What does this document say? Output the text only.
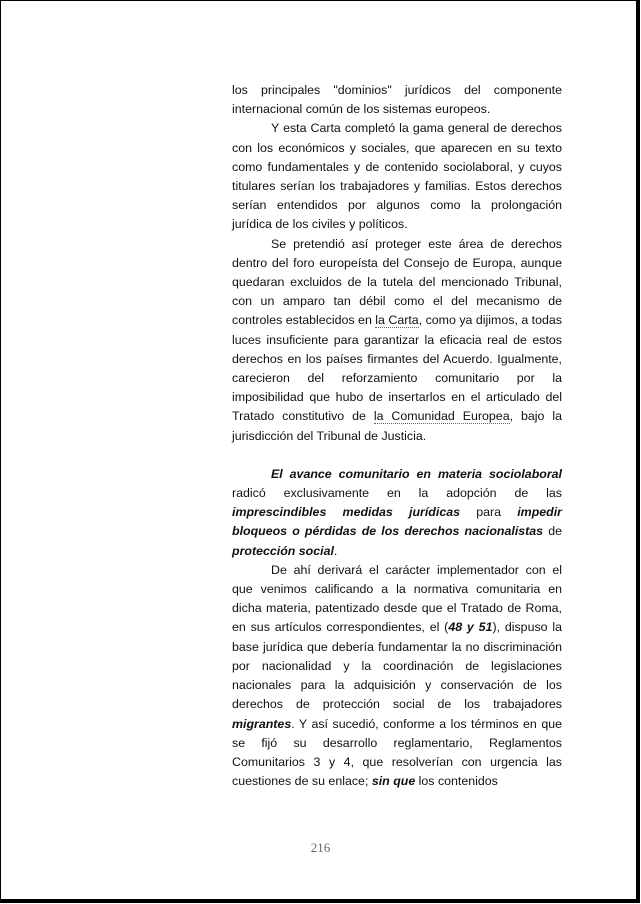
los principales "dominios" jurídicos del componente internacional común de los sistemas europeos.

Y esta Carta completó la gama general de derechos con los económicos y sociales, que aparecen en su texto como fundamentales y de contenido sociolaboral, y cuyos titulares serían los trabajadores y familias. Estos derechos serían entendidos por algunos como la prolongación jurídica de los civiles y políticos.

Se pretendió así proteger este área de derechos dentro del foro europeísta del Consejo de Europa, aunque quedaran excluidos de la tutela del mencionado Tribunal, con un amparo tan débil como el del mecanismo de controles establecidos en la Carta, como ya dijimos, a todas luces insuficiente para garantizar la eficacia real de estos derechos en los países firmantes del Acuerdo. Igualmente, carecieron del reforzamiento comunitario por la imposibilidad que hubo de insertarlos en el articulado del Tratado constitutivo de la Comunidad Europea, bajo la jurisdicción del Tribunal de Justicia.

El avance comunitario en materia sociolaboral radicó exclusivamente en la adopción de las imprescindibles medidas jurídicas para impedir bloqueos o pérdidas de los derechos nacionalistas de protección social.

De ahí derivará el carácter implementador con el que venimos calificando a la normativa comunitaria en dicha materia, patentizado desde que el Tratado de Roma, en sus artículos correspondientes, el (48 y 51), dispuso la base jurídica que debería fundamentar la no discriminación por nacionalidad y la coordinación de legislaciones nacionales para la adquisición y conservación de los derechos de protección social de los trabajadores migrantes. Y así sucedió, conforme a los términos en que se fijó su desarrollo reglamentario, Reglamentos Comunitarios 3 y 4, que resolverían con urgencia las cuestiones de su enlace; sin que los contenidos

216
